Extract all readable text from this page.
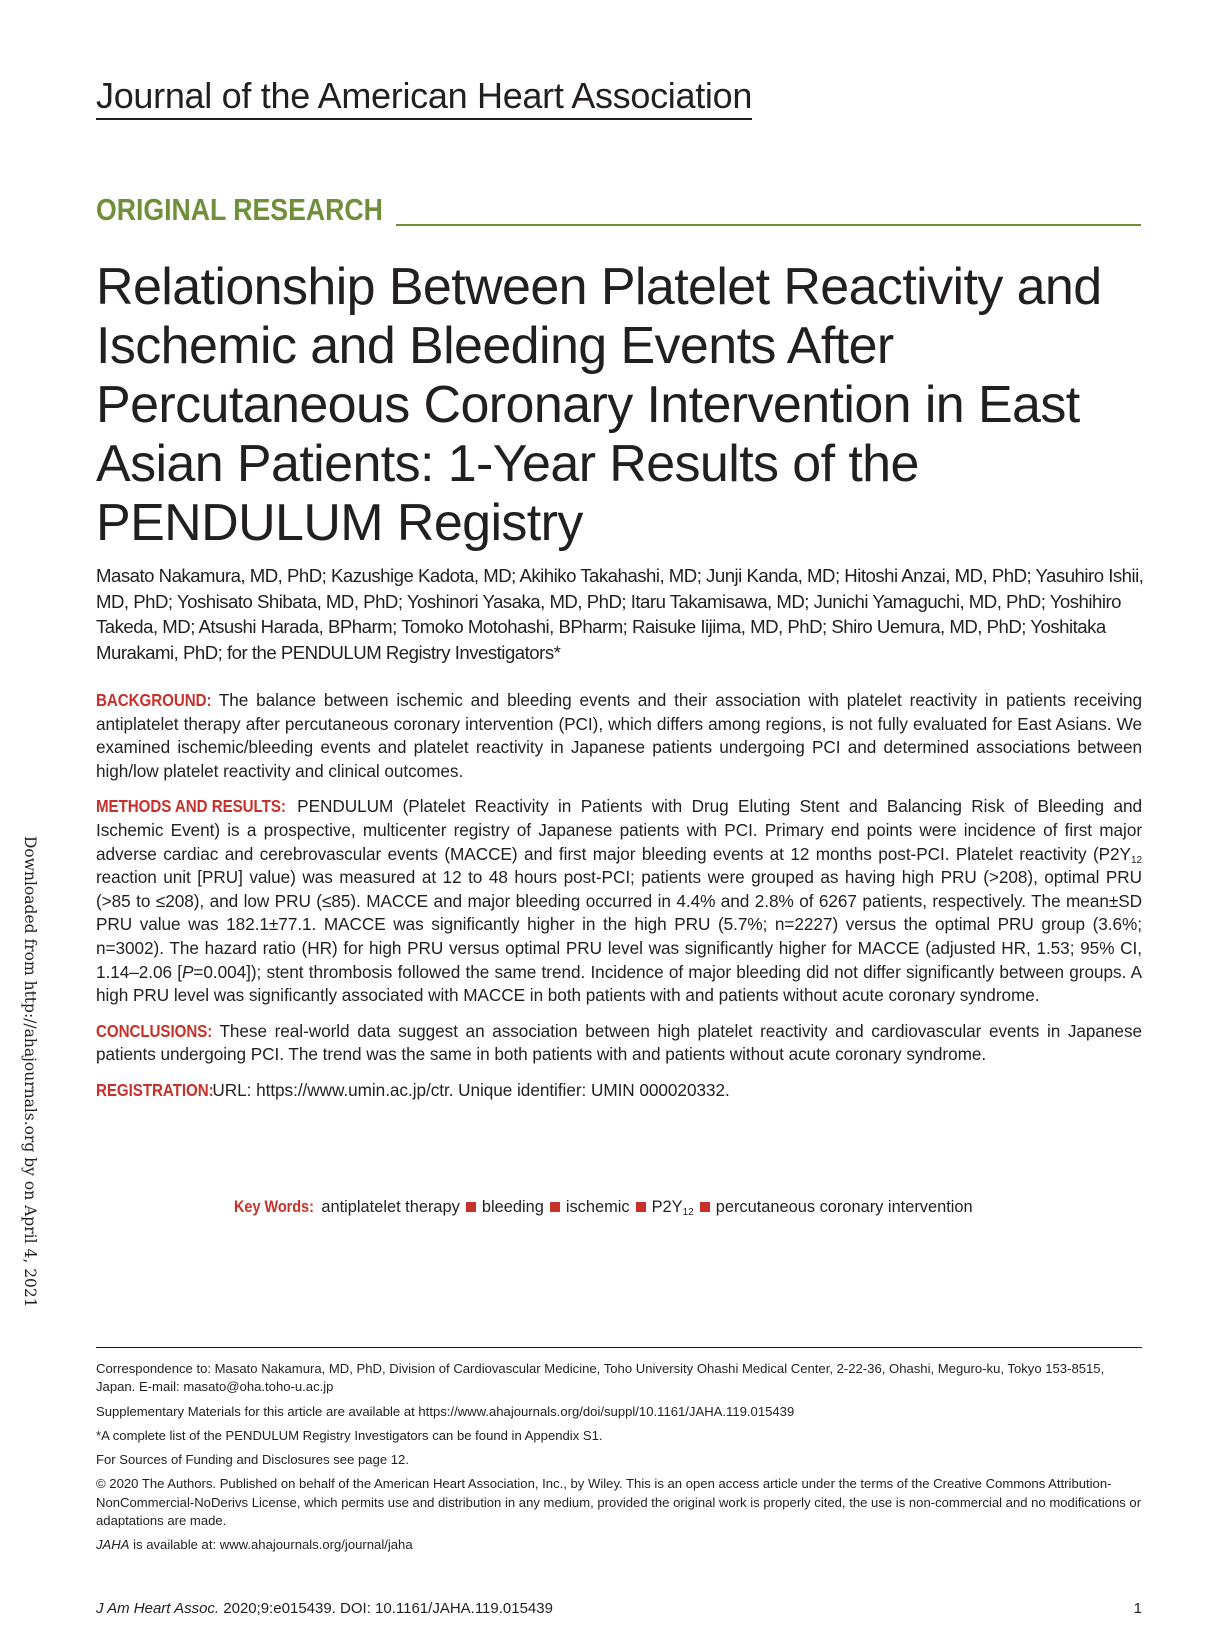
Journal of the American Heart Association
ORIGINAL RESEARCH
Relationship Between Platelet Reactivity and Ischemic and Bleeding Events After Percutaneous Coronary Intervention in East Asian Patients: 1-Year Results of the PENDULUM Registry

Masato Nakamura, MD, PhD; Kazushige Kadota, MD; Akihiko Takahashi, MD; Junji Kanda, MD; Hitoshi Anzai, MD, PhD; Yasuhiro Ishii, MD, PhD; Yoshisato Shibata, MD, PhD; Yoshinori Yasaka, MD, PhD; Itaru Takamisawa, MD; Junichi Yamaguchi, MD, PhD; Yoshihiro Takeda, MD; Atsushi Harada, BPharm; Tomoko Motohashi, BPharm; Raisuke Iijima, MD, PhD; Shiro Uemura, MD, PhD; Yoshitaka Murakami, PhD; for the PENDULUM Registry Investigators*

BACKGROUND: The balance between ischemic and bleeding events and their association with platelet reactivity in patients receiving antiplatelet therapy after percutaneous coronary intervention (PCI), which differs among regions, is not fully evaluated for East Asians. We examined ischemic/bleeding events and platelet reactivity in Japanese patients undergoing PCI and determined associations between high/low platelet reactivity and clinical outcomes.

METHODS AND RESULTS: PENDULUM (Platelet Reactivity in Patients with Drug Eluting Stent and Balancing Risk of Bleeding and Ischemic Event) is a prospective, multicenter registry of Japanese patients with PCI. Primary end points were incidence of first major adverse cardiac and cerebrovascular events (MACCE) and first major bleeding events at 12 months post-PCI. Platelet reactivity ($P2Y_{12}$ reaction unit [PRU] value) was measured at 12 to 48 hours post-PCI; patients were grouped as having high PRU (>208), optimal PRU (>85 to ≤208), and low PRU (≤85). MACCE and major bleeding occurred in 4.4% and 2.8% of 6267 patients, respectively. The mean±SD PRU value was 182.1±77.1. MACCE was significantly higher in the high PRU (5.7%; n=2227) versus the optimal PRU group (3.6%; n=3002). The hazard ratio (HR) for high PRU versus optimal PRU level was significantly higher for MACCE (adjusted HR, 1.53; 95% CI, 1.14–2.06 [P=0.004]); stent thrombosis followed the same trend. Incidence of major bleeding did not differ significantly between groups. A high PRU level was significantly associated with MACCE in both patients with and patients without acute coronary syndrome.

CONCLUSIONS: These real-world data suggest an association between high platelet reactivity and cardiovascular events in Japanese patients undergoing PCI. The trend was the same in both patients with and patients without acute coronary syndrome.

REGISTRATION: URL: https://www.umin.ac.jp/ctr. Unique identifier: UMIN 000020332.

Key Words: antiplatelet therapy bleeding ischemic $P2Y_{12}$ percutaneous coronary intervention
Downloaded from http://ahajournals.org by on April 4, 2021

Correspondence to: Masato Nakamura, MD, PhD, Division of Cardiovascular Medicine, Toho University Ohashi Medical Center, 2-22-36, Ohashi, Meguro-ku, Tokyo 153-8515, Japan. E-mail: masato@oha.toho-u.ac.jp

Supplementary Materials for this article are available at https://www.ahajournals.org/doi/suppl/10.1161/JAHA.119.015439

*A complete list of the PENDULUM Registry Investigators can be found in Appendix S1.

For Sources of Funding and Disclosures see page 12.

© 2020 The Authors. Published on behalf of the American Heart Association, Inc., by Wiley. This is an open access article under the terms of the Creative Commons Attribution-NonCommercial-NoDerivs License, which permits use and distribution in any medium, provided the original work is properly cited, the use is non-commercial and no modifications or adaptations are made.

JAHA is available at: www.ahajournals.org/journal/jaha

J Am Heart Assoc. 2020;9:e015439. DOI: 10.1161/JAHA.119.015439	1
